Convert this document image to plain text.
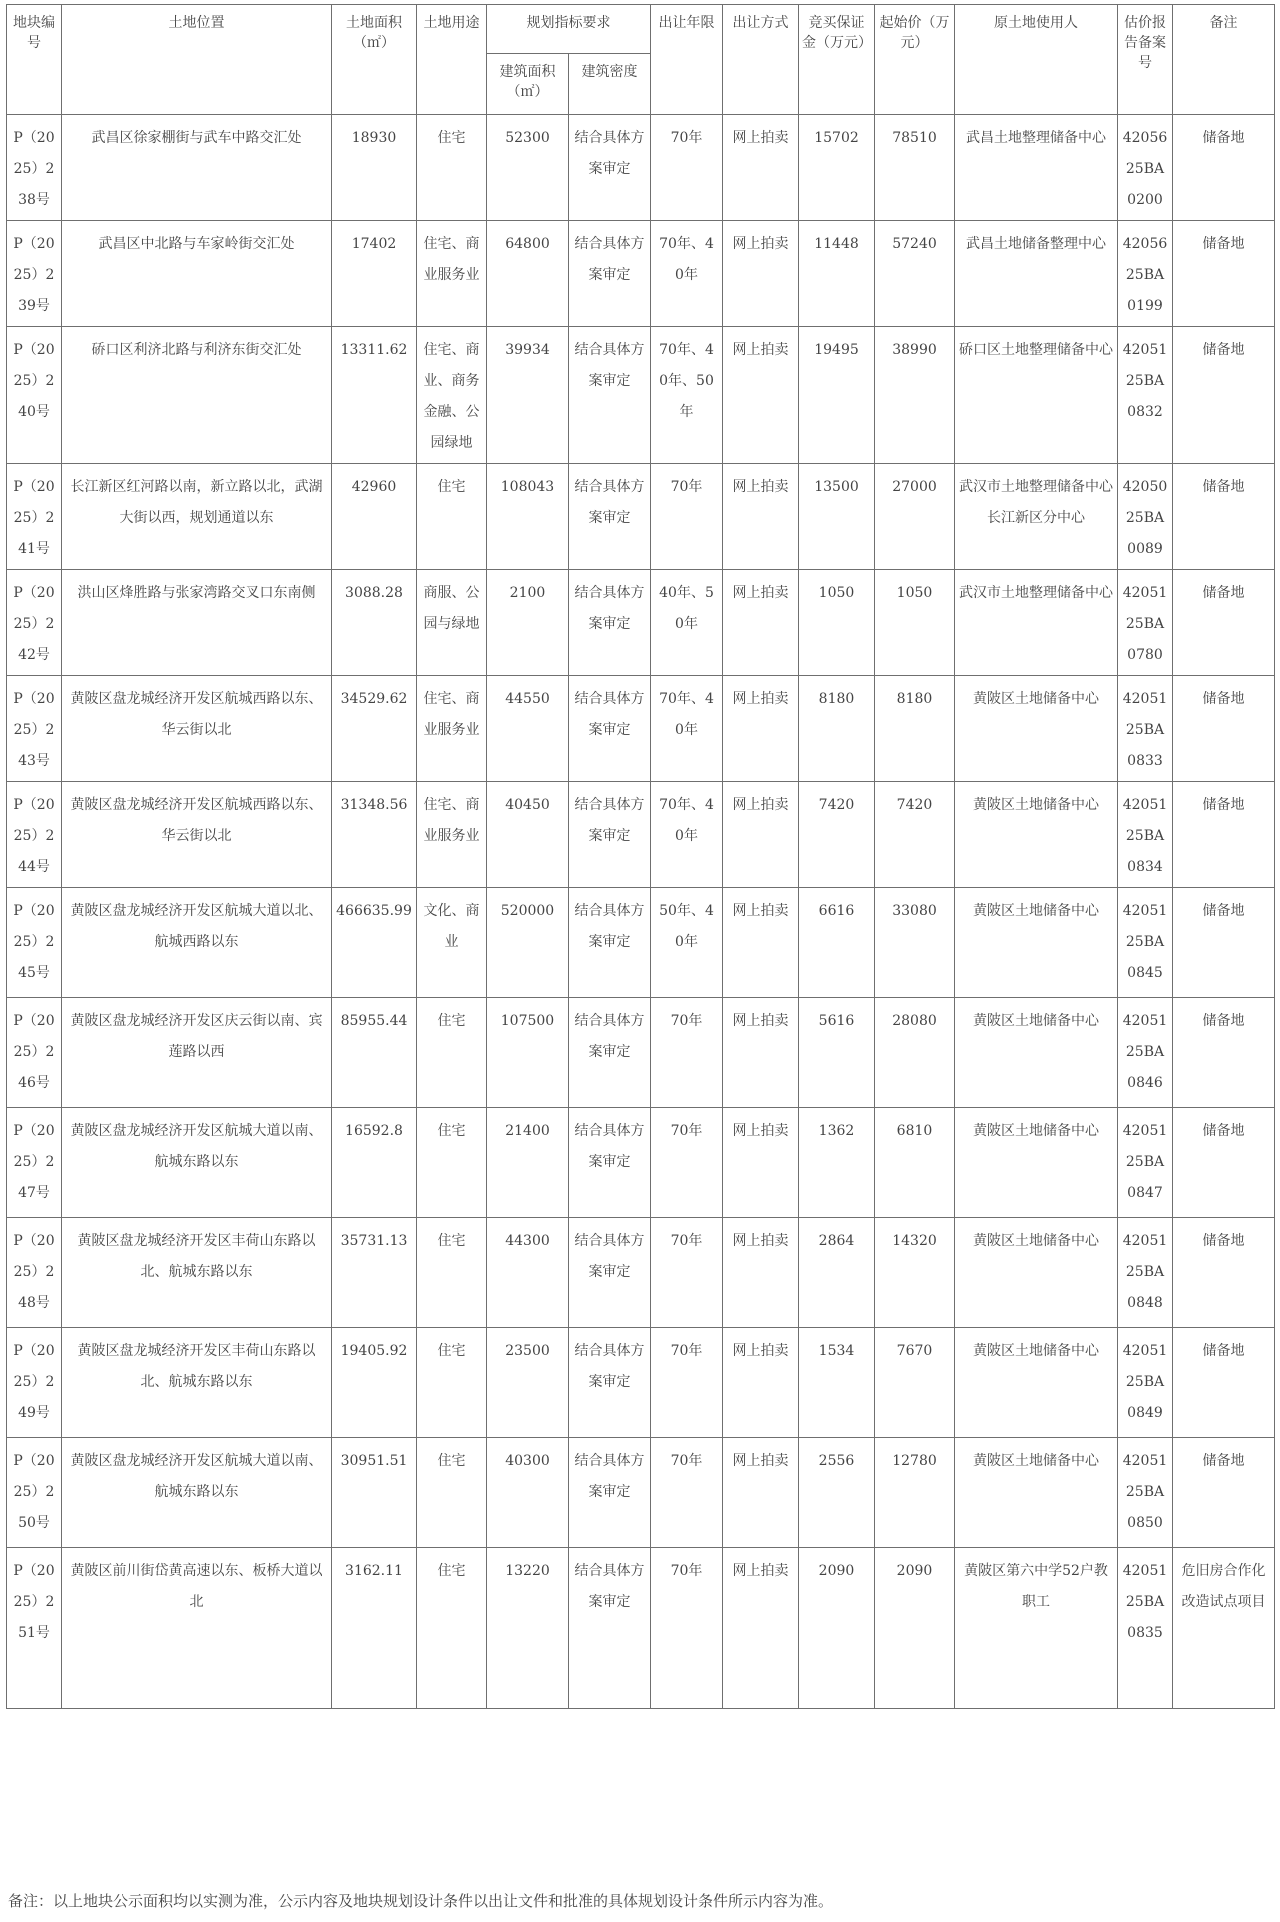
地块编号	土地位置	土地面积（㎡）	土地用途	规划指标要求		出让年限	出让方式	竞买保证金（万元）	起始价（万元）	原土地使用人	估价报告备案号	备注
				建筑面积（㎡）	建筑密度							
P（2025）238号	武昌区徐家棚街与武车中路交汇处	18930	住宅	52300	结合具体方案审定	70年	网上拍卖	15702	78510	武昌土地整理储备中心	4205625BA0200	储备地
P（2025）239号	武昌区中北路与车家岭街交汇处	17402	住宅、商业服务业	64800	结合具体方案审定	70年、40年	网上拍卖	11448	57240	武昌土地储备整理中心	4205625BA0199	储备地
P（2025）240号	硚口区利济北路与利济东街交汇处	13311.62	住宅、商业、商务金融、公园绿地	39934	结合具体方案审定	70年、40年、50年	网上拍卖	19495	38990	硚口区土地整理储备中心	4205125BA0832	储备地
P（2025）241号	长江新区红河路以南，新立路以北，武湖大街以西，规划通道以东	42960	住宅	108043	结合具体方案审定	70年	网上拍卖	13500	27000	武汉市土地整理储备中心长江新区分中心	4205025BA0089	储备地
P（2025）242号	洪山区烽胜路与张家湾路交叉口东南侧	3088.28	商服、公园与绿地	2100	结合具体方案审定	40年、50年	网上拍卖	1050	1050	武汉市土地整理储备中心	4205125BA0780	储备地
P（2025）243号	黄陂区盘龙城经济开发区航城西路以东、华云街以北	34529.62	住宅、商业服务业	44550	结合具体方案审定	70年、40年	网上拍卖	8180	8180	黄陂区土地储备中心	4205125BA0833	储备地
P（2025）244号	黄陂区盘龙城经济开发区航城西路以东、华云街以北	31348.56	住宅、商业服务业	40450	结合具体方案审定	70年、40年	网上拍卖	7420	7420	黄陂区土地储备中心	4205125BA0834	储备地
P（2025）245号	黄陂区盘龙城经济开发区航城大道以北、航城西路以东	466635.99	文化、商业	520000	结合具体方案审定	50年、40年	网上拍卖	6616	33080	黄陂区土地储备中心	4205125BA0845	储备地
P（2025）246号	黄陂区盘龙城经济开发区庆云街以南、宾莲路以西	85955.44	住宅	107500	结合具体方案审定	70年	网上拍卖	5616	28080	黄陂区土地储备中心	4205125BA0846	储备地
P（2025）247号	黄陂区盘龙城经济开发区航城大道以南、航城东路以东	16592.8	住宅	21400	结合具体方案审定	70年	网上拍卖	1362	6810	黄陂区土地储备中心	4205125BA0847	储备地
P（2025）248号	黄陂区盘龙城经济开发区丰荷山东路以北、航城东路以东	35731.13	住宅	44300	结合具体方案审定	70年	网上拍卖	2864	14320	黄陂区土地储备中心	4205125BA0848	储备地
P（2025）249号	黄陂区盘龙城经济开发区丰荷山东路以北、航城东路以东	19405.92	住宅	23500	结合具体方案审定	70年	网上拍卖	1534	7670	黄陂区土地储备中心	4205125BA0849	储备地
P（2025）250号	黄陂区盘龙城经济开发区航城大道以南、航城东路以东	30951.51	住宅	40300	结合具体方案审定	70年	网上拍卖	2556	12780	黄陂区土地储备中心	4205125BA0850	储备地
P（2025）251号	黄陂区前川街岱黄高速以东、板桥大道以北	3162.11	住宅	13220	结合具体方案审定	70年	网上拍卖	2090	2090	黄陂区第六中学52户教职工	4205125BA0835	危旧房合作化改造试点项目
备注：以上地块公示面积均以实测为准，公示内容及地块规划设计条件以出让文件和批准的具体规划设计条件所示内容为准。
